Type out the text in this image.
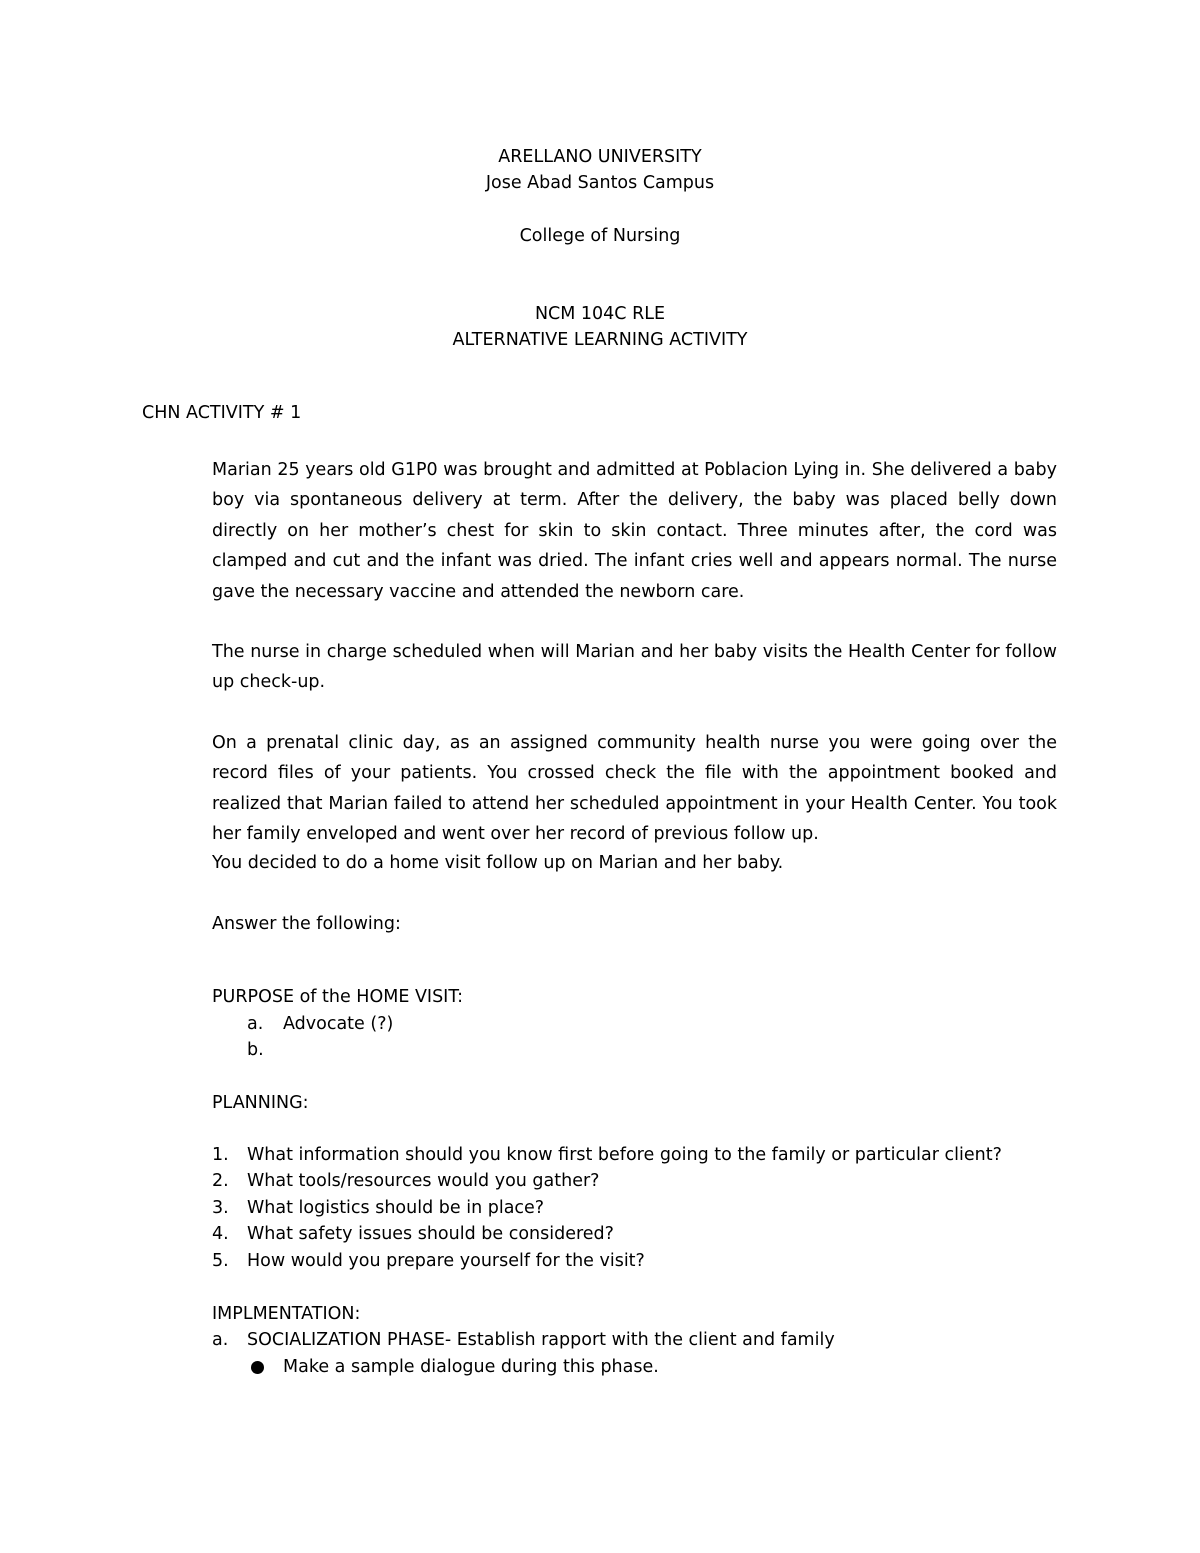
ARELLANO UNIVERSITY
Jose Abad Santos Campus
College of Nursing
NCM 104C RLE
ALTERNATIVE LEARNING ACTIVITY
CHN ACTIVITY # 1
Marian 25 years old G1P0 was brought and admitted at Poblacion Lying in. She delivered a baby boy via spontaneous delivery at term. After the delivery, the baby was placed belly down directly on her mother’s chest for skin to skin contact. Three minutes after, the cord was clamped and cut and the infant was dried. The infant cries well and appears normal. The nurse gave the necessary vaccine and attended the newborn care.
The nurse in charge scheduled when will Marian and her baby visits the Health Center for follow up check-up.
On a prenatal clinic day, as an assigned community health nurse you were going over the record files of your patients. You crossed check the file with the appointment booked and realized that Marian failed to attend her scheduled appointment in your Health Center. You took her family enveloped and went over her record of previous follow up.
You decided to do a home visit follow up on Marian and her baby.
Answer the following:
PURPOSE of the HOME VISIT:
a. Advocate (?)
b.
PLANNING:
1. What information should you know first before going to the family or particular client?
2. What tools/resources would you gather?
3. What logistics should be in place?
4. What safety issues should be considered?
5. How would you prepare yourself for the visit?
IMPLMENTATION:
a. SOCIALIZATION PHASE- Establish rapport with the client and family
Make a sample dialogue during this phase.
